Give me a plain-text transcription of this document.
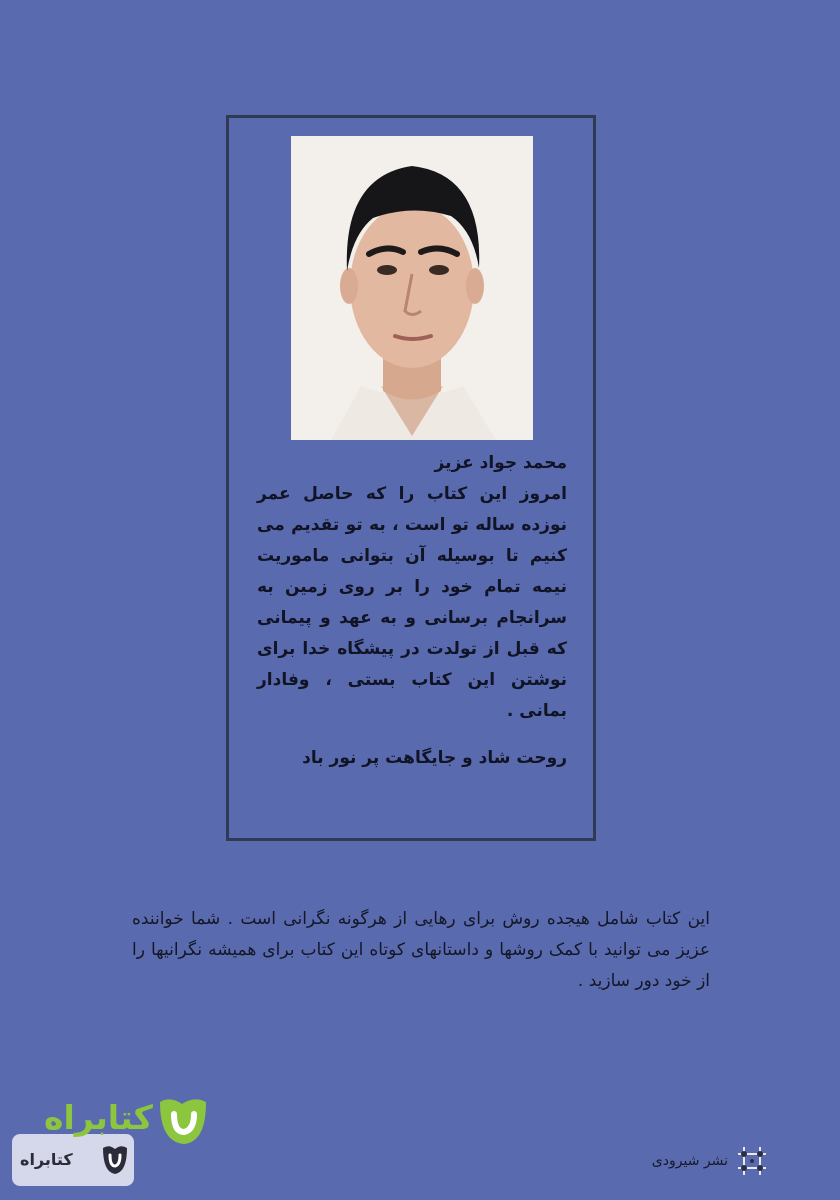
محمد جواد عزیز
امروز این کتاب را که حاصل عمر نوزده ساله تو است ، به تو تقدیم می کنیم تا بوسیله آن بتوانی ماموریت نیمه تمام خود را بر روی زمین به سرانجام برسانی و به عهد و پیمانی که قبل از تولدت در پیشگاه خدا برای نوشتن این کتاب بستی ، وفادار بمانی .
روحت شاد و جایگاهت پر نور باد
این کتاب شامل هیجده روش برای رهایی از هرگونه نگرانی است . شما خواننده عزیز می توانید با کمک روشها و داستانهای کوتاه این کتاب برای همیشه نگرانیها را از خود دور سازید .
کتابراه
کتابراه	نشر شیرودی
